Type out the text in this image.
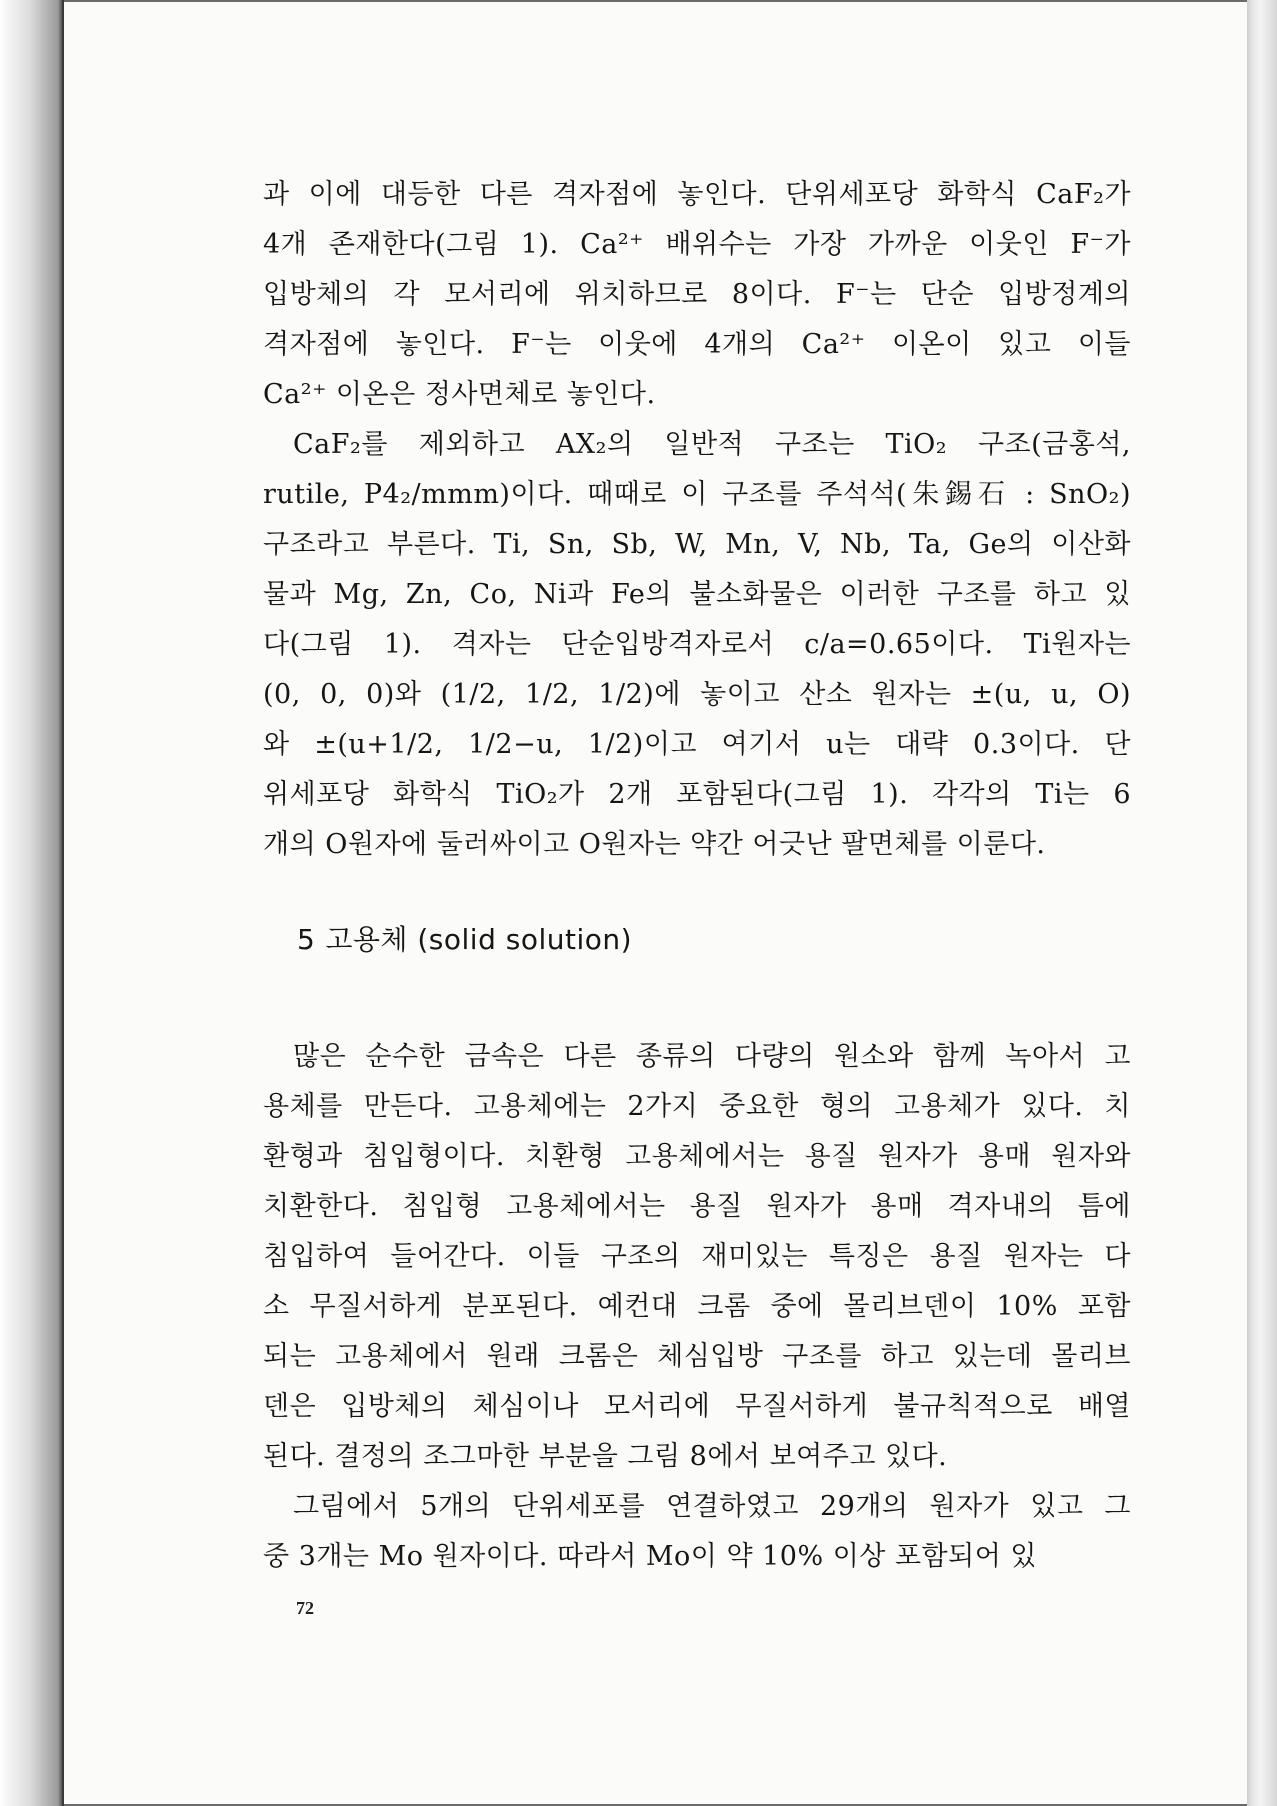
과 이에 대등한 다른 격자점에 놓인다. 단위세포당 화학식 CaF₂가
4개 존재한다(그림 1). Ca²⁺ 배위수는 가장 가까운 이웃인 F⁻가
입방체의 각 모서리에 위치하므로 8이다. F⁻는 단순 입방정계의
격자점에 놓인다. F⁻는 이웃에 4개의 Ca²⁺ 이온이 있고 이들
Ca²⁺ 이온은 정사면체로 놓인다.

CaF₂를 제외하고 AX₂의 일반적 구조는 TiO₂ 구조(금홍석,
rutile, P4₂/mmm)이다. 때때로 이 구조를 주석석(朱錫石 : SnO₂)
구조라고 부른다. Ti, Sn, Sb, W, Mn, V, Nb, Ta, Ge의 이산화
물과 Mg, Zn, Co, Ni과 Fe의 불소화물은 이러한 구조를 하고 있
다(그림 1). 격자는 단순입방격자로서 c/a=0.65이다. Ti원자는
(0, 0, 0)와 (1/2, 1/2, 1/2)에 놓이고 산소 원자는 ±(u, u, O)
와 ±(u+1/2, 1/2−u, 1/2)이고 여기서 u는 대략 0.3이다. 단
위세포당 화학식 TiO₂가 2개 포함된다(그림 1). 각각의 Ti는 6
개의 O원자에 둘러싸이고 O원자는 약간 어긋난 팔면체를 이룬다.

5 고용체 (solid solution)

많은 순수한 금속은 다른 종류의 다량의 원소와 함께 녹아서 고
용체를 만든다. 고용체에는 2가지 중요한 형의 고용체가 있다. 치
환형과 침입형이다. 치환형 고용체에서는 용질 원자가 용매 원자와
치환한다. 침입형 고용체에서는 용질 원자가 용매 격자내의 틈에
침입하여 들어간다. 이들 구조의 재미있는 특징은 용질 원자는 다
소 무질서하게 분포된다. 예컨대 크롬 중에 몰리브덴이 10% 포함
되는 고용체에서 원래 크롬은 체심입방 구조를 하고 있는데 몰리브
덴은 입방체의 체심이나 모서리에 무질서하게 불규칙적으로 배열
된다. 결정의 조그마한 부분을 그림 8에서 보여주고 있다.

그림에서 5개의 단위세포를 연결하였고 29개의 원자가 있고 그
중 3개는 Mo 원자이다. 따라서 Mo이 약 10% 이상 포함되어 있

72
